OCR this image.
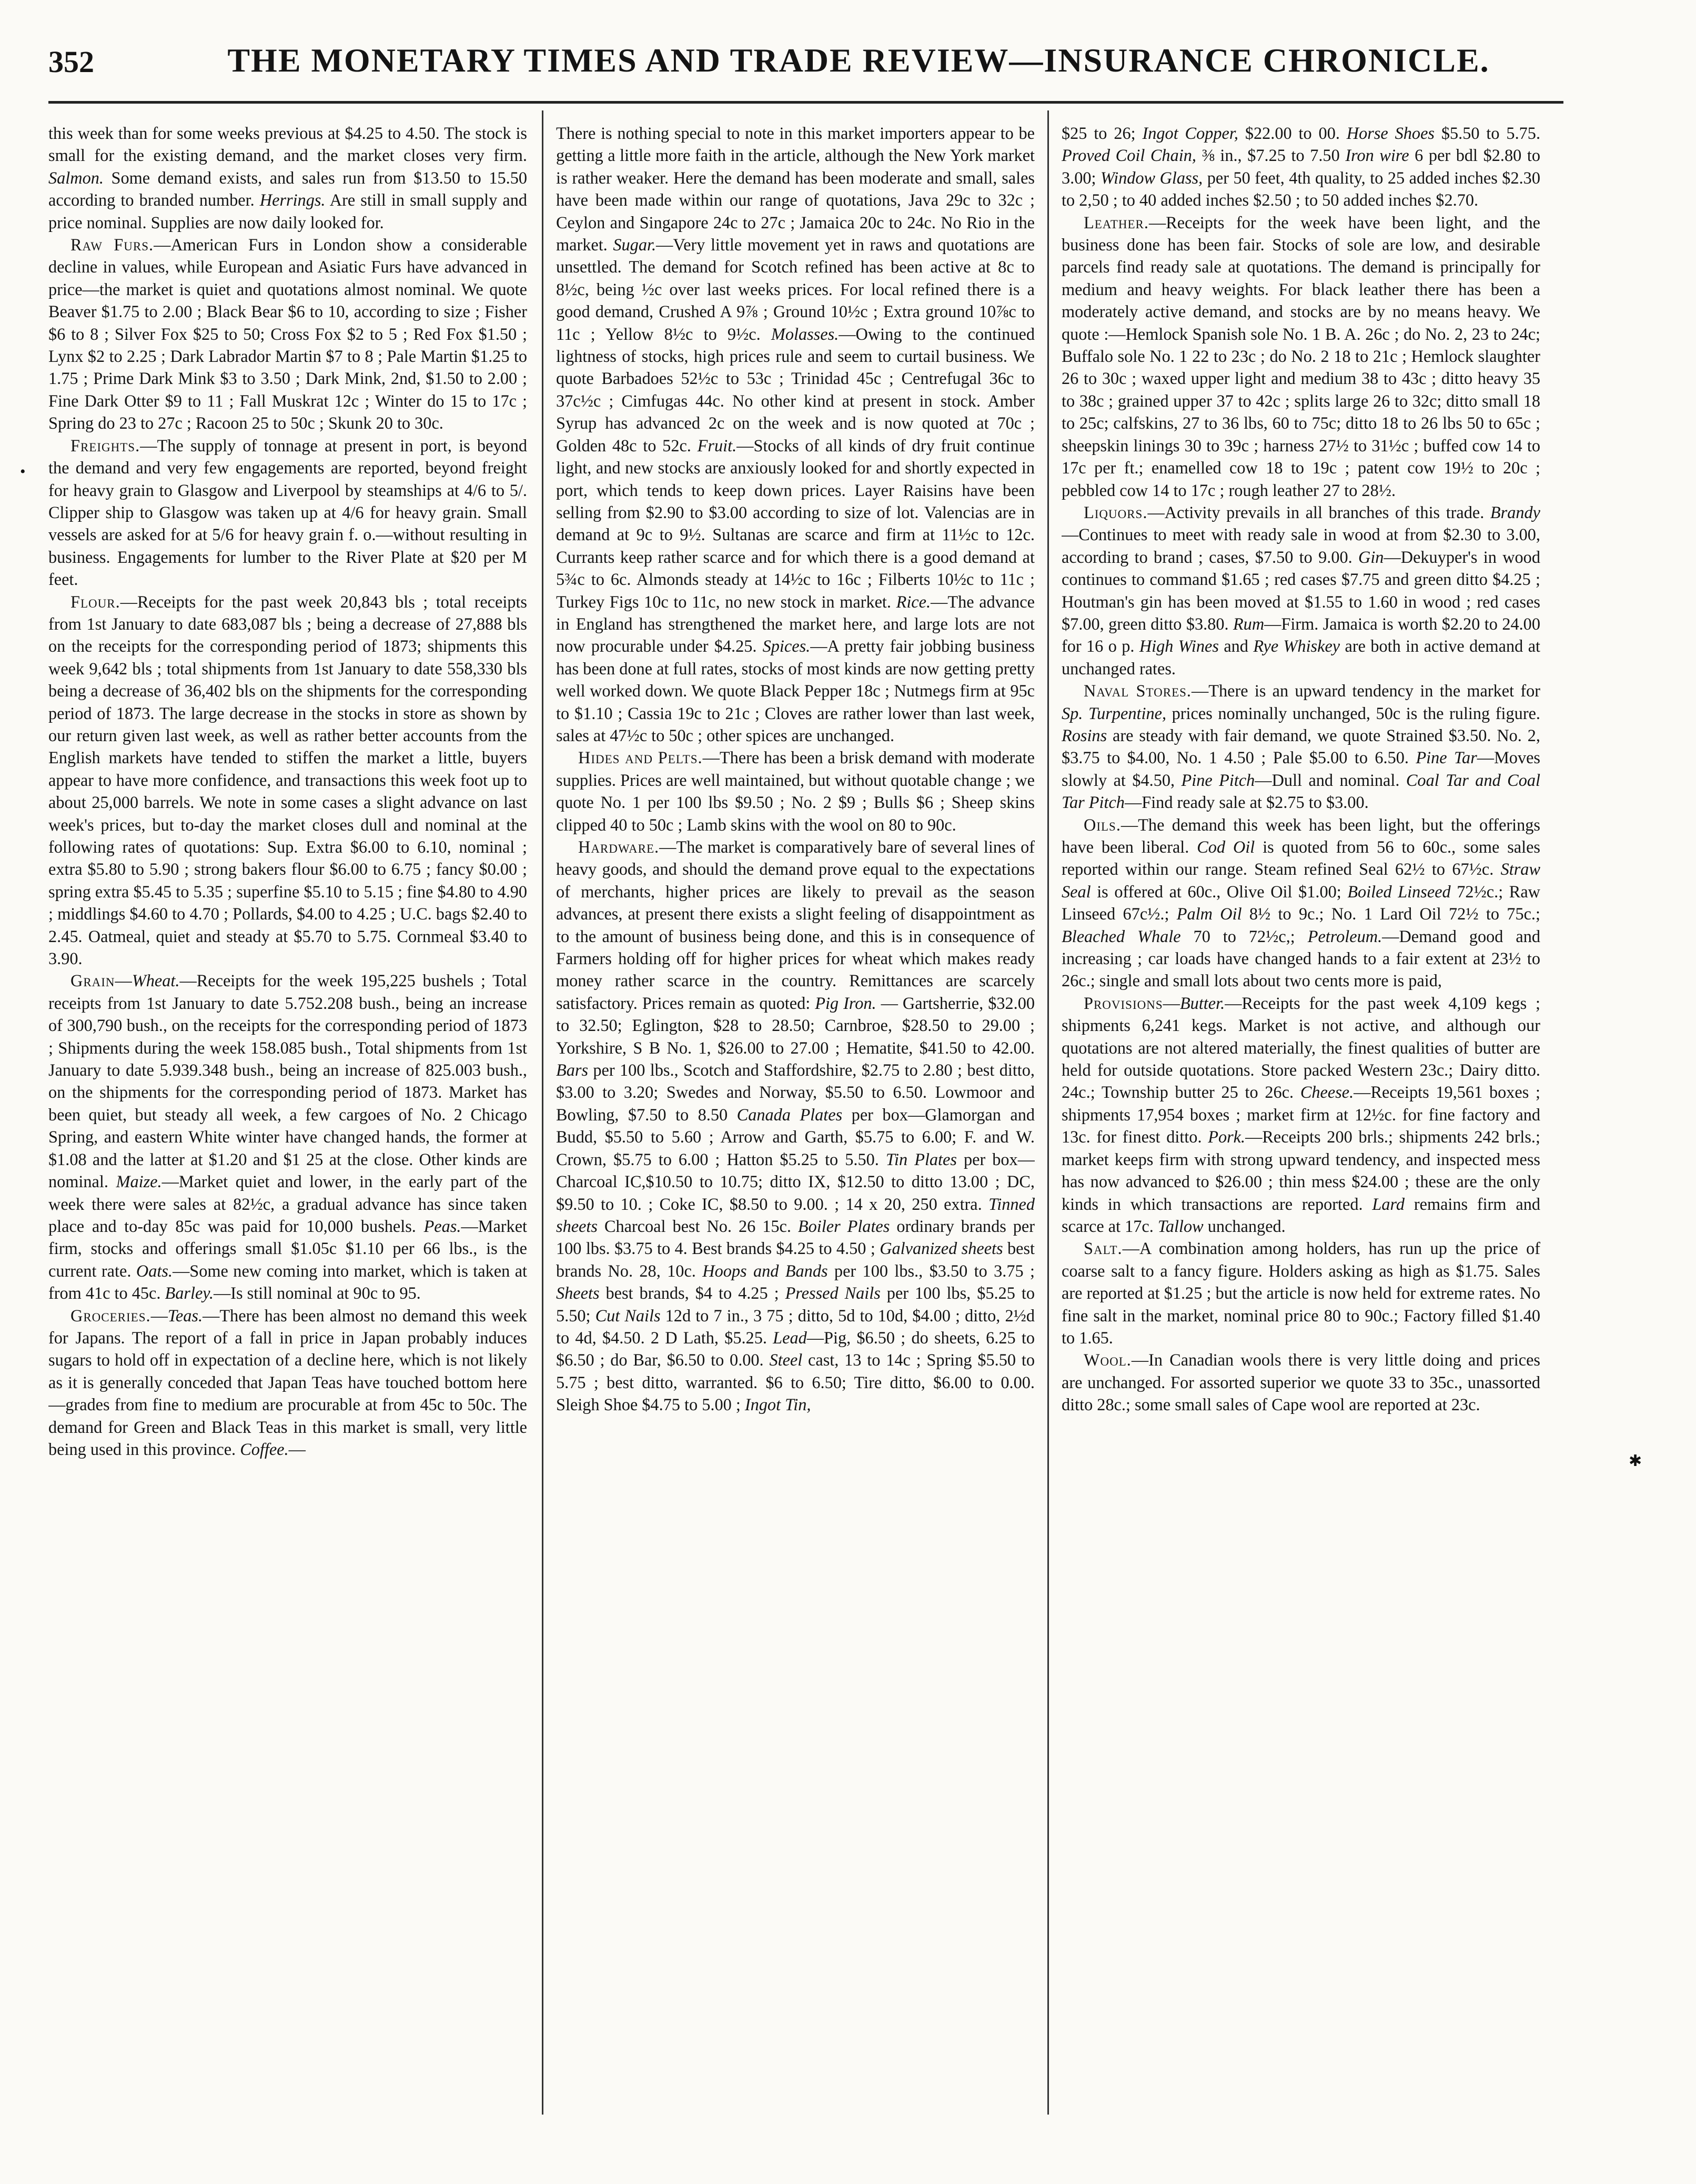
352	THE MONETARY TIMES AND TRADE REVIEW—INSURANCE CHRONICLE.

this week than for some weeks previous at $4.25 to 4.50. The stock is small for the existing demand, and the market closes very firm. Salmon. Some demand exists, and sales run from $13.50 to 15.50 according to branded number. Herrings. Are still in small supply and price nominal. Supplies are now daily looked for.

Raw Furs.—American Furs in London show a considerable decline in values, while European and Asiatic Furs have advanced in price—the market is quiet and quotations almost nominal. We quote Beaver $1.75 to 2.00 ; Black Bear $6 to 10, according to size ; Fisher $6 to 8 ; Silver Fox $25 to 50; Cross Fox $2 to 5 ; Red Fox $1.50 ; Lynx $2 to 2.25 ; Dark Labrador Martin $7 to 8 ; Pale Martin $1.25 to 1.75 ; Prime Dark Mink $3 to 3.50 ; Dark Mink, 2nd, $1.50 to 2.00 ; Fine Dark Otter $9 to 11 ; Fall Muskrat 12c ; Winter do 15 to 17c ; Spring do 23 to 27c ; Racoon 25 to 50c ; Skunk 20 to 30c.

Freights.—The supply of tonnage at present in port, is beyond the demand and very few engagements are reported, beyond freight for heavy grain to Glasgow and Liverpool by steamships at 4/6 to 5/. Clipper ship to Glasgow was taken up at 4/6 for heavy grain. Small vessels are asked for at 5/6 for heavy grain f. o.—without resulting in business. Engagements for lumber to the River Plate at $20 per M feet.

Flour.—Receipts for the past week 20,843 bls ; total receipts from 1st January to date 683,087 bls ; being a decrease of 27,888 bls on the receipts for the corresponding period of 1873; shipments this week 9,642 bls ; total shipments from 1st January to date 558,330 bls being a decrease of 36,402 bls on the shipments for the corresponding period of 1873. The large decrease in the stocks in store as shown by our return given last week, as well as rather better accounts from the English markets have tended to stiffen the market a little, buyers appear to have more confidence, and transactions this week foot up to about 25,000 barrels. We note in some cases a slight advance on last week's prices, but to-day the market closes dull and nominal at the following rates of quotations: Sup. Extra $6.00 to 6.10, nominal ; extra $5.80 to 5.90 ; strong bakers flour $6.00 to 6.75 ; fancy $0.00 ; spring extra $5.45 to 5.35 ; superfine $5.10 to 5.15 ; fine $4.80 to 4.90 ; middlings $4.60 to 4.70 ; Pollards, $4.00 to 4.25 ; U.C. bags $2.40 to 2.45. Oatmeal, quiet and steady at $5.70 to 5.75. Cornmeal $3.40 to 3.90.

Grain—Wheat.—Receipts for the week 195,225 bushels ; Total receipts from 1st January to date 5.752.208 bush., being an increase of 300,790 bush., on the receipts for the corresponding period of 1873 ; Shipments during the week 158.085 bush., Total shipments from 1st January to date 5.939.348 bush., being an increase of 825.003 bush., on the shipments for the corresponding period of 1873. Market has been quiet, but steady all week, a few cargoes of No. 2 Chicago Spring, and eastern White winter have changed hands, the former at $1.08 and the latter at $1.20 and $1 25 at the close. Other kinds are nominal. Maize.—Market quiet and lower, in the early part of the week there were sales at 82½c, a gradual advance has since taken place and to-day 85c was paid for 10,000 bushels. Peas.—Market firm, stocks and offerings small $1.05c $1.10 per 66 lbs., is the current rate. Oats.—Some new coming into market, which is taken at from 41c to 45c. Barley.—Is still nominal at 90c to 95.

Groceries.—Teas.—There has been almost no demand this week for Japans. The report of a fall in price in Japan probably induces sugars to hold off in expectation of a decline here, which is not likely as it is generally conceded that Japan Teas have touched bottom here—grades from fine to medium are procurable at from 45c to 50c. The demand for Green and Black Teas in this market is small, very little being used in this province. Coffee.—

There is nothing special to note in this market importers appear to be getting a little more faith in the article, although the New York market is rather weaker. Here the demand has been moderate and small, sales have been made within our range of quotations, Java 29c to 32c ; Ceylon and Singapore 24c to 27c ; Jamaica 20c to 24c. No Rio in the market. Sugar.—Very little movement yet in raws and quotations are unsettled. The demand for Scotch refined has been active at 8c to 8½c, being ½c over last weeks prices. For local refined there is a good demand, Crushed A 9⅞ ; Ground 10½c ; Extra ground 10⅞c to 11c ; Yellow 8½c to 9½c. Molasses.—Owing to the continued lightness of stocks, high prices rule and seem to curtail business. We quote Barbadoes 52½c to 53c ; Trinidad 45c ; Centrefugal 36c to 37c½c ; Cimfugas 44c. No other kind at present in stock. Amber Syrup has advanced 2c on the week and is now quoted at 70c ; Golden 48c to 52c. Fruit.—Stocks of all kinds of dry fruit continue light, and new stocks are anxiously looked for and shortly expected in port, which tends to keep down prices. Layer Raisins have been selling from $2.90 to $3.00 according to size of lot. Valencias are in demand at 9c to 9½. Sultanas are scarce and firm at 11½c to 12c. Currants keep rather scarce and for which there is a good demand at 5¾c to 6c. Almonds steady at 14½c to 16c ; Filberts 10½c to 11c ; Turkey Figs 10c to 11c, no new stock in market. Rice.—The advance in England has strengthened the market here, and large lots are not now procurable under $4.25. Spices.—A pretty fair jobbing business has been done at full rates, stocks of most kinds are now getting pretty well worked down. We quote Black Pepper 18c ; Nutmegs firm at 95c to $1.10 ; Cassia 19c to 21c ; Cloves are rather lower than last week, sales at 47½c to 50c ; other spices are unchanged.

Hides and Pelts.—There has been a brisk demand with moderate supplies. Prices are well maintained, but without quotable change ; we quote No. 1 per 100 lbs $9.50 ; No. 2 $9 ; Bulls $6 ; Sheep skins clipped 40 to 50c ; Lamb skins with the wool on 80 to 90c.

Hardware.—The market is comparatively bare of several lines of heavy goods, and should the demand prove equal to the expectations of merchants, higher prices are likely to prevail as the season advances, at present there exists a slight feeling of disappointment as to the amount of business being done, and this is in consequence of Farmers holding off for higher prices for wheat which makes ready money rather scarce in the country. Remittances are scarcely satisfactory. Prices remain as quoted: Pig Iron. — Gartsherrie, $32.00 to 32.50; Eglington, $28 to 28.50; Carnbroe, $28.50 to 29.00 ; Yorkshire, S B No. 1, $26.00 to 27.00 ; Hematite, $41.50 to 42.00. Bars per 100 lbs., Scotch and Staffordshire, $2.75 to 2.80 ; best ditto, $3.00 to 3.20; Swedes and Norway, $5.50 to 6.50. Lowmoor and Bowling, $7.50 to 8.50 Canada Plates per box—Glamorgan and Budd, $5.50 to 5.60 ; Arrow and Garth, $5.75 to 6.00; F. and W. Crown, $5.75 to 6.00 ; Hatton $5.25 to 5.50. Tin Plates per box—Charcoal IC,$10.50 to 10.75; ditto IX, $12.50 to ditto 13.00 ; DC, $9.50 to 10. ; Coke IC, $8.50 to 9.00. ; 14 x 20, 250 extra. Tinned sheets Charcoal best No. 26 15c. Boiler Plates ordinary brands per 100 lbs. $3.75 to 4. Best brands $4.25 to 4.50 ; Galvanized sheets best brands No. 28, 10c. Hoops and Bands per 100 lbs., $3.50 to 3.75 ; Sheets best brands, $4 to 4.25 ; Pressed Nails per 100 lbs, $5.25 to 5.50; Cut Nails 12d to 7 in., 3 75 ; ditto, 5d to 10d, $4.00 ; ditto, 2½d to 4d, $4.50. 2 D Lath, $5.25. Lead—Pig, $6.50 ; do sheets, 6.25 to $6.50 ; do Bar, $6.50 to 0.00. Steel cast, 13 to 14c ; Spring $5.50 to 5.75 ; best ditto, warranted. $6 to 6.50; Tire ditto, $6.00 to 0.00. Sleigh Shoe $4.75 to 5.00 ; Ingot Tin,

$25 to 26; Ingot Copper, $22.00 to 00. Horse Shoes $5.50 to 5.75. Proved Coil Chain, ⅜ in., $7.25 to 7.50 Iron wire 6 per bdl $2.80 to 3.00; Window Glass, per 50 feet, 4th quality, to 25 added inches $2.30 to 2,50 ; to 40 added inches $2.50 ; to 50 added inches $2.70.

Leather.—Receipts for the week have been light, and the business done has been fair. Stocks of sole are low, and desirable parcels find ready sale at quotations. The demand is principally for medium and heavy weights. For black leather there has been a moderately active demand, and stocks are by no means heavy. We quote :—Hemlock Spanish sole No. 1 B. A. 26c ; do No. 2, 23 to 24c; Buffalo sole No. 1 22 to 23c ; do No. 2 18 to 21c ; Hemlock slaughter 26 to 30c ; waxed upper light and medium 38 to 43c ; ditto heavy 35 to 38c ; grained upper 37 to 42c ; splits large 26 to 32c; ditto small 18 to 25c; calfskins, 27 to 36 lbs, 60 to 75c; ditto 18 to 26 lbs 50 to 65c ; sheepskin linings 30 to 39c ; harness 27½ to 31½c ; buffed cow 14 to 17c per ft.; enamelled cow 18 to 19c ; patent cow 19½ to 20c ; pebbled cow 14 to 17c ; rough leather 27 to 28½.

Liquors.—Activity prevails in all branches of this trade. Brandy—Continues to meet with ready sale in wood at from $2.30 to 3.00, according to brand ; cases, $7.50 to 9.00. Gin—Dekuyper's in wood continues to command $1.65 ; red cases $7.75 and green ditto $4.25 ; Houtman's gin has been moved at $1.55 to 1.60 in wood ; red cases $7.00, green ditto $3.80. Rum—Firm. Jamaica is worth $2.20 to 24.00 for 16 o p. High Wines and Rye Whiskey are both in active demand at unchanged rates.

Naval Stores.—There is an upward tendency in the market for Sp. Turpentine, prices nominally unchanged, 50c is the ruling figure. Rosins are steady with fair demand, we quote Strained $3.50. No. 2, $3.75 to $4.00, No. 1 4.50 ; Pale $5.00 to 6.50. Pine Tar—Moves slowly at $4.50, Pine Pitch—Dull and nominal. Coal Tar and Coal Tar Pitch—Find ready sale at $2.75 to $3.00.

Oils.—The demand this week has been light, but the offerings have been liberal. Cod Oil is quoted from 56 to 60c., some sales reported within our range. Steam refined Seal 62½ to 67½c. Straw Seal is offered at 60c., Olive Oil $1.00; Boiled Linseed 72½c.; Raw Linseed 67c½.; Palm Oil 8½ to 9c.; No. 1 Lard Oil 72½ to 75c.; Bleached Whale 70 to 72½c,; Petroleum.—Demand good and increasing ; car loads have changed hands to a fair extent at 23½ to 26c.; single and small lots about two cents more is paid,

Provisions—Butter.—Receipts for the past week 4,109 kegs ; shipments 6,241 kegs. Market is not active, and although our quotations are not altered materially, the finest qualities of butter are held for outside quotations. Store packed Western 23c.; Dairy ditto. 24c.; Township butter 25 to 26c. Cheese.—Receipts 19,561 boxes ; shipments 17,954 boxes ; market firm at 12½c. for fine factory and 13c. for finest ditto. Pork.—Receipts 200 brls.; shipments 242 brls.; market keeps firm with strong upward tendency, and inspected mess has now advanced to $26.00 ; thin mess $24.00 ; these are the only kinds in which transactions are reported. Lard remains firm and scarce at 17c. Tallow unchanged.

Salt.—A combination among holders, has run up the price of coarse salt to a fancy figure. Holders asking as high as $1.75. Sales are reported at $1.25 ; but the article is now held for extreme rates. No fine salt in the market, nominal price 80 to 90c.; Factory filled $1.40 to 1.65.

Wool.—In Canadian wools there is very little doing and prices are unchanged. For assorted superior we quote 33 to 35c., unassorted ditto 28c.; some small sales of Cape wool are reported at 23c.

•
✱
